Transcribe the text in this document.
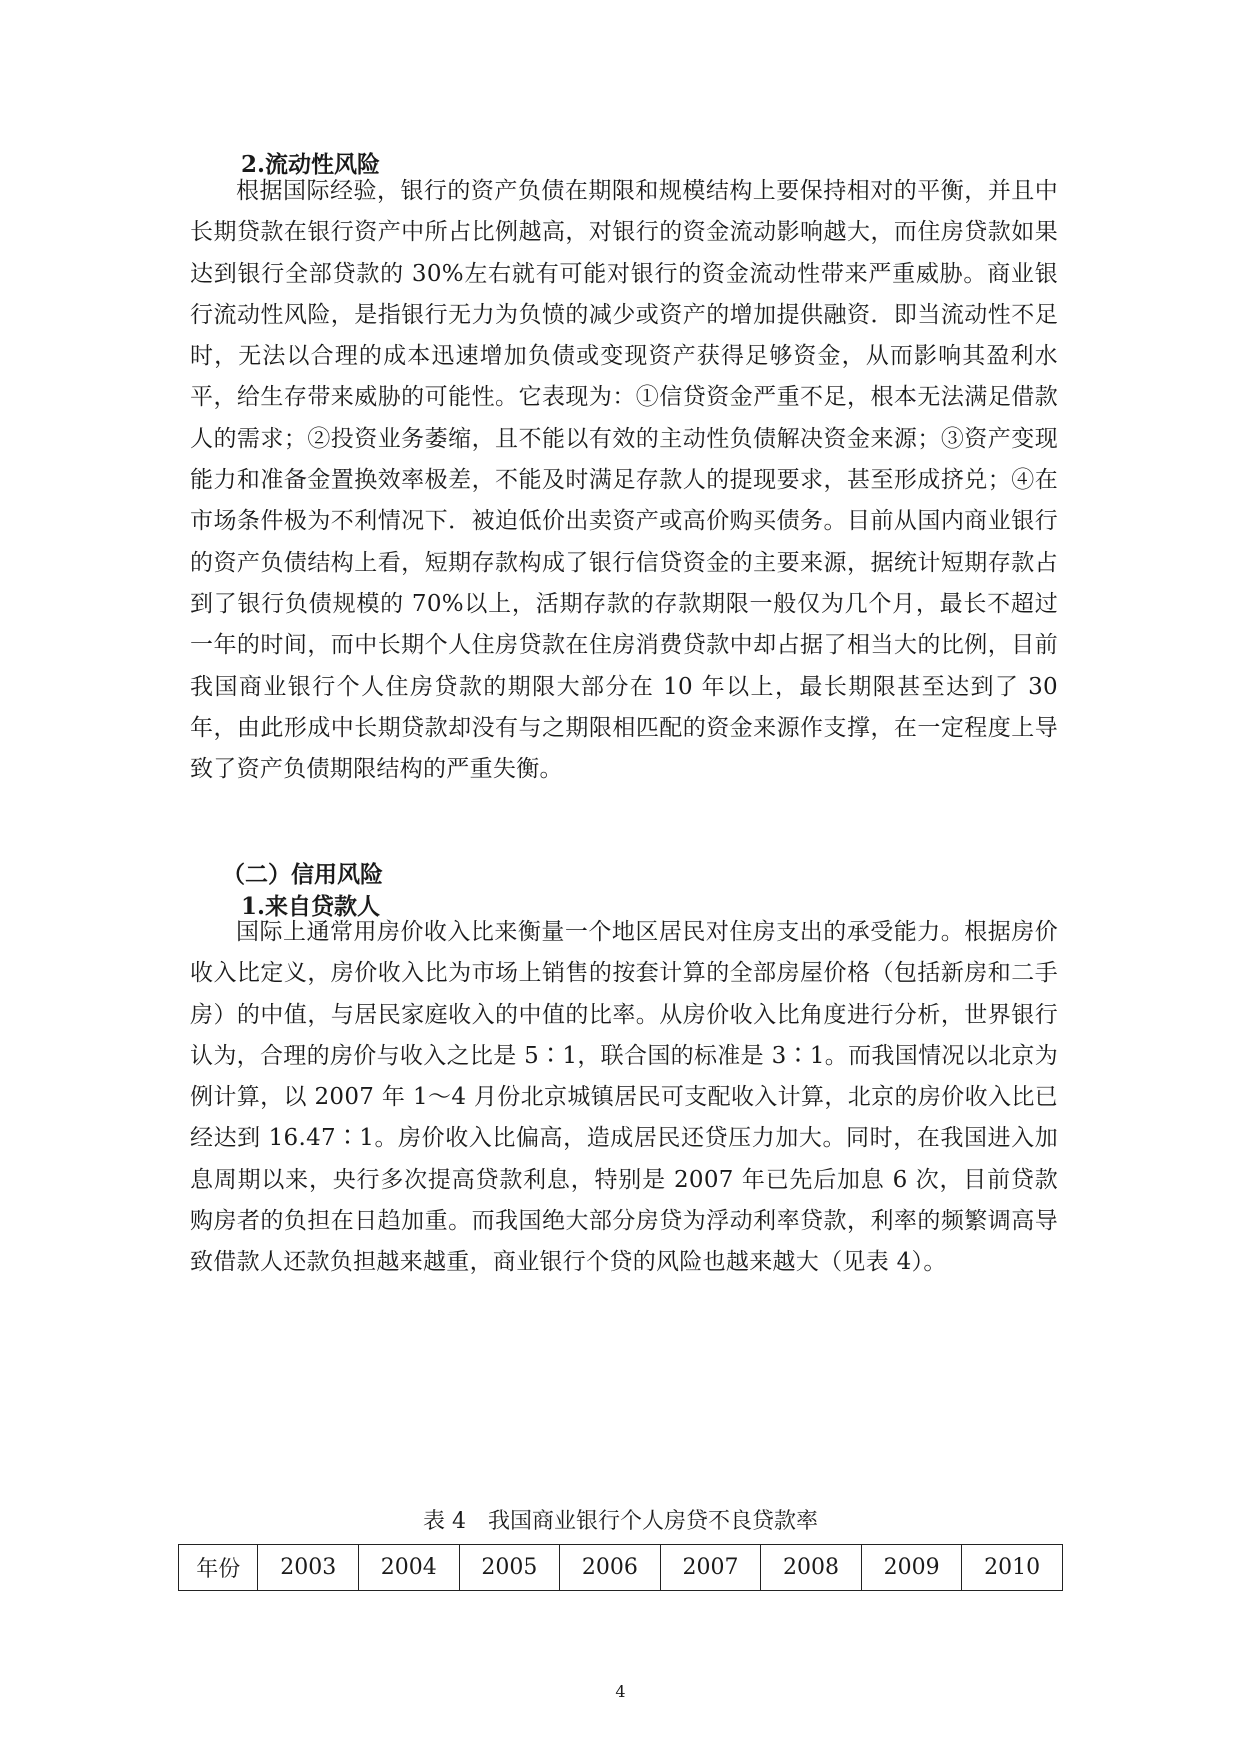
2.流动性风险
根据国际经验，银行的资产负债在期限和规模结构上要保持相对的平衡，并且中长期贷款在银行资产中所占比例越高，对银行的资金流动影响越大，而住房贷款如果达到银行全部贷款的 30%左右就有可能对银行的资金流动性带来严重威胁。商业银行流动性风险，是指银行无力为负愤的减少或资产的增加提供融资．即当流动性不足时，无法以合理的成本迅速增加负债或变现资产获得足够资金，从而影响其盈利水平，给生存带来威胁的可能性。它表现为：①信贷资金严重不足，根本无法满足借款人的需求；②投资业务萎缩，且不能以有效的主动性负债解决资金来源；③资产变现能力和准备金置换效率极差，不能及时满足存款人的提现要求，甚至形成挤兑；④在市场条件极为不利情况下．被迫低价出卖资产或高价购买债务。目前从国内商业银行的资产负债结构上看，短期存款构成了银行信贷资金的主要来源，据统计短期存款占到了银行负债规模的 70%以上，活期存款的存款期限一般仅为几个月，最长不超过一年的时间，而中长期个人住房贷款在住房消费贷款中却占据了相当大的比例，目前我国商业银行个人住房贷款的期限大部分在 10 年以上，最长期限甚至达到了 30 年，由此形成中长期贷款却没有与之期限相匹配的资金来源作支撑，在一定程度上导致了资产负债期限结构的严重失衡。
（二）信用风险
1.来自贷款人
国际上通常用房价收入比来衡量一个地区居民对住房支出的承受能力。根据房价收入比定义，房价收入比为市场上销售的按套计算的全部房屋价格（包括新房和二手房）的中值，与居民家庭收入的中值的比率。从房价收入比角度进行分析，世界银行认为，合理的房价与收入之比是 5∶1，联合国的标准是 3∶1。而我国情况以北京为例计算，以 2007 年 1～4 月份北京城镇居民可支配收入计算，北京的房价收入比已经达到 16.47∶1。房价收入比偏高，造成居民还贷压力加大。同时，在我国进入加息周期以来，央行多次提高贷款利息，特别是 2007 年已先后加息 6 次，目前贷款购房者的负担在日趋加重。而我国绝大部分房贷为浮动利率贷款，利率的频繁调高导致借款人还款负担越来越重，商业银行个贷的风险也越来越大（见表 4）。
表 4　我国商业银行个人房贷不良贷款率
年份	2003	2004	2005	2006	2007	2008	2009	2010
4
